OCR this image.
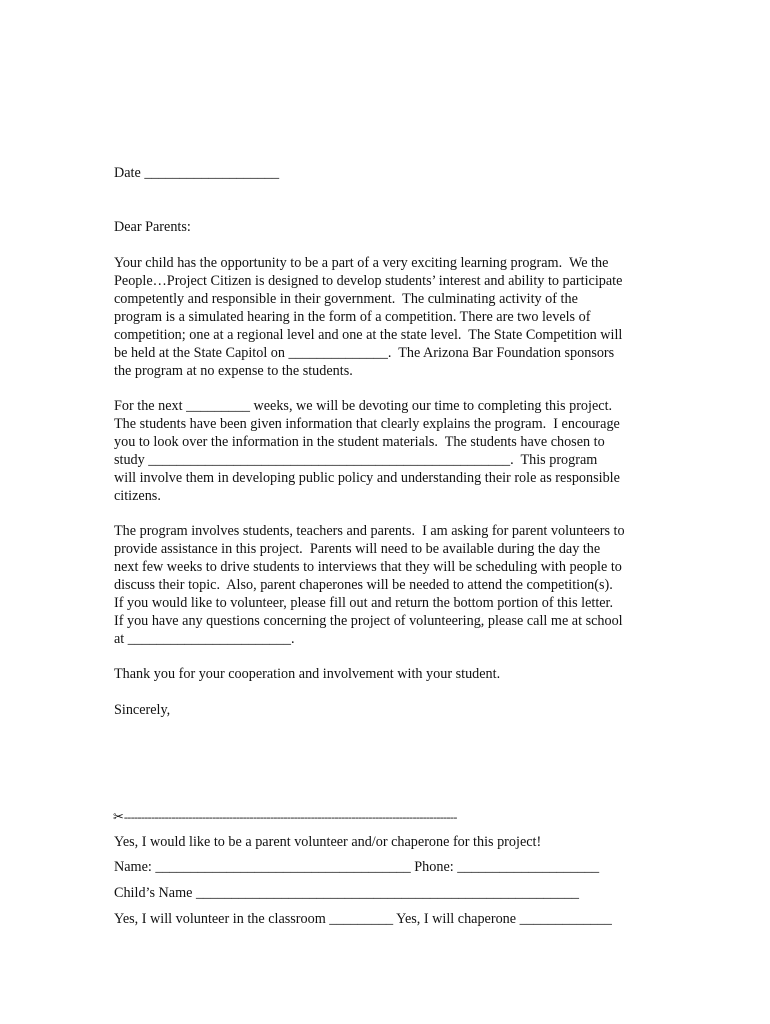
Date ___________________
Dear Parents:
Your child has the opportunity to be a part of a very exciting learning program.  We the
People…Project Citizen is designed to develop students’ interest and ability to participate
competently and responsible in their government.  The culminating activity of the
program is a simulated hearing in the form of a competition. There are two levels of
competition; one at a regional level and one at the state level.  The State Competition will
be held at the State Capitol on ______________.  The Arizona Bar Foundation sponsors
the program at no expense to the students.
For the next _________ weeks, we will be devoting our time to completing this project.
The students have been given information that clearly explains the program.  I encourage
you to look over the information in the student materials.  The students have chosen to
study ___________________________________________________.  This program
will involve them in developing public policy and understanding their role as responsible
citizens.
The program involves students, teachers and parents.  I am asking for parent volunteers to
provide assistance in this project.  Parents will need to be available during the day the
next few weeks to drive students to interviews that they will be scheduling with people to
discuss their topic.  Also, parent chaperones will be needed to attend the competition(s).
If you would like to volunteer, please fill out and return the bottom portion of this letter.
If you have any questions concerning the project of volunteering, please call me at school
at _______________________.
Thank you for your cooperation and involvement with your student.
Sincerely,
✂--------------------------------------------------------------------------------------------------
Yes, I would like to be a parent volunteer and/or chaperone for this project!
Name: ____________________________________ Phone: ____________________
Child’s Name ______________________________________________________
Yes, I will volunteer in the classroom _________ Yes, I will chaperone _____________
